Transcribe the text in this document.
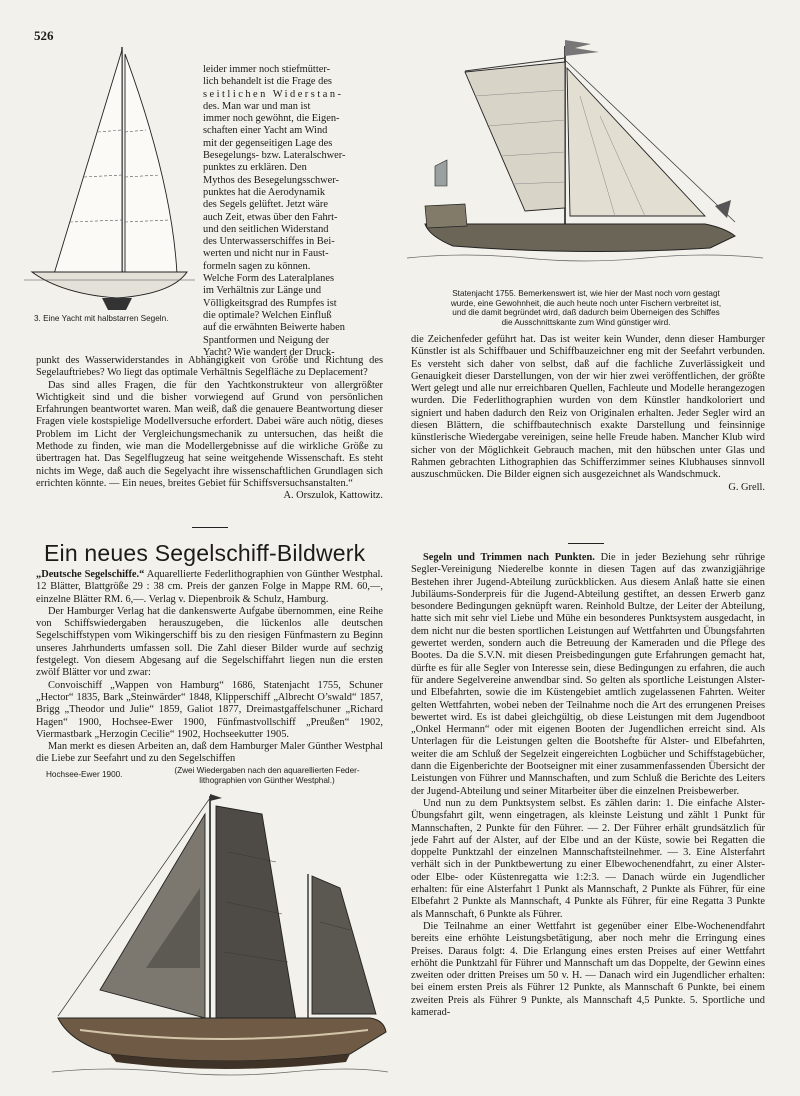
526
3. Eine Yacht mit halbstarren Segeln.
Statenjacht 1755. Bemerkenswert ist, wie hier der Mast noch vorn gestagt
wurde, eine Gewohnheit, die auch heute noch unter Fischern verbreitet ist,
und die damit begründet wird, daß dadurch beim Überneigen des Schiffes
die Ausschnittskante zum Wind günstiger wird.
leider immer noch stiefmütter-
lich behandelt ist die Frage des
seitlichen Widerstan-
des. Man war und man ist
immer noch gewöhnt, die Eigen-
schaften einer Yacht am Wind
mit der gegenseitigen Lage des
Besegelungs- bzw. Lateralschwer-
punktes zu erklären. Den
Mythos des Besegelungsschwer-
punktes hat die Aerodynamik
des Segels gelüftet. Jetzt wäre
auch Zeit, etwas über den Fahrt-
und den seitlichen Widerstand
des Unterwasserschiffes in Bei-
werten und nicht nur in Faust-
formeln sagen zu können.
Welche Form des Lateralplanes
im Verhältnis zur Länge und
Völligkeitsgrad des Rumpfes ist
die optimale? Welchen Einfluß
auf die erwähnten Beiwerte haben
Spantformen und Neigung der
Yacht? Wie wandert der Druck-

punkt des Wasserwiderstandes in Abhängigkeit von Größe und Richtung des Segelauftriebes? Wo liegt das optimale Verhältnis Segelfläche zu Deplacement?

Das sind alles Fragen, die für den Yachtkonstrukteur von allergrößter Wichtigkeit sind und die bisher vorwiegend auf Grund von persönlichen Erfahrungen beantwortet waren. Man weiß, daß die genauere Beantwortung dieser Fragen viele kostspielige Modellversuche erfordert. Dabei wäre auch nötig, dieses Problem im Licht der Vergleichungsmechanik zu untersuchen, das heißt die Methode zu finden, wie man die Modellergebnisse auf die wirkliche Größe zu übertragen hat. Das Segelflugzeug hat seine weitgehende Wissenschaft. Es steht nichts im Wege, daß auch die Segelyacht ihre wissenschaftlichen Grundlagen sich errichten könnte. — Ein neues, breites Gebiet für Schiffsversuchsanstalten.“

A. Orszulok, Kattowitz.
Ein neues Segelschiff-Bildwerk

„Deutsche Segelschiffe.“ Aquarellierte Federlithographien von Günther Westphal. 12 Blätter, Blattgröße 29 : 38 cm. Preis der ganzen Folge in Mappe RM. 60,—, einzelne Blätter RM. 6,—. Verlag v. Diepenbroik & Schulz, Hamburg.

Der Hamburger Verlag hat die dankenswerte Aufgabe übernommen, eine Reihe von Schiffswiedergaben herauszugeben, die lückenlos alle deutschen Segelschiffstypen vom Wikingerschiff bis zu den riesigen Fünfmastern zu Beginn unseres Jahrhunderts umfassen soll. Die Zahl dieser Bilder wurde auf sechzig festgelegt. Von diesem Abgesang auf die Segelschiffahrt liegen nun die ersten zwölf Blätter vor und zwar:

Convoischiff „Wappen von Hamburg“ 1686, Statenjacht 1755, Schuner „Hector“ 1835, Bark „Steinwärder“ 1848, Klipperschiff „Albrecht O’swald“ 1857, Brigg „Theodor und Julie“ 1859, Galiot 1877, Dreimastgaffelschuner „Richard Hagen“ 1900, Hochsee-Ewer 1900, Fünfmastvollschiff „Preußen“ 1902, Viermastbark „Herzogin Cecilie“ 1902, Hochseekutter 1905.

Man merkt es diesen Arbeiten an, daß dem Hamburger Maler Günther Westphal die Liebe zur Seefahrt und zu den Segelschiffen

Hochsee-Ewer 1900.	(Zwei Wiedergaben nach den aquarellierten Feder-
lithographien von Günther Westphal.)

die Zeichenfeder geführt hat. Das ist weiter kein Wunder, denn dieser Hamburger Künstler ist als Schiffbauer und Schiffbauzeichner eng mit der Seefahrt verbunden. Es versteht sich daher von selbst, daß auf die fachliche Zuverlässigkeit und Genauigkeit dieser Darstellungen, von der wir hier zwei veröffentlichen, der größte Wert gelegt und alle nur erreichbaren Quellen, Fachleute und Modelle herangezogen wurden. Die Federlithographien wurden von dem Künstler handkoloriert und signiert und haben dadurch den Reiz von Originalen erhalten. Jeder Segler wird an diesen Blättern, die schiffbautechnisch exakte Darstellung und feinsinnige künstlerische Wiedergabe vereinigen, seine helle Freude haben. Mancher Klub wird sicher von der Möglichkeit Gebrauch machen, mit den hübschen unter Glas und Rahmen gebrachten Lithographien das Schifferzimmer seines Klubhauses sinnvoll auszuschmücken. Die Bilder eignen sich ausgezeichnet als Wandschmuck.

G. Grell.

Segeln und Trimmen nach Punkten. Die in jeder Beziehung sehr rührige Segler-Vereinigung Niederelbe konnte in diesen Tagen auf das zwanzigjährige Bestehen ihrer Jugend-Abteilung zurückblicken. Aus diesem Anlaß hatte sie einen Jubiläums-Sonderpreis für die Jugend-Abteilung gestiftet, an dessen Erwerb ganz besondere Bedingungen geknüpft waren. Reinhold Bultze, der Leiter der Abteilung, hatte sich mit sehr viel Liebe und Mühe ein besonderes Punktsystem ausgedacht, in dem nicht nur die besten sportlichen Leistungen auf Wettfahrten und Übungsfahrten gewertet werden, sondern auch die Betreuung der Kameraden und die Pflege des Bootes. Da die S.V.N. mit diesen Preisbedingungen gute Erfahrungen gemacht hat, dürfte es für alle Segler von Interesse sein, diese Bedingungen zu erfahren, die auch für andere Segelvereine anwendbar sind. So gelten als sportliche Leistungen Alster- und Elbefahrten, sowie die im Küstengebiet amtlich zugelassenen Fahrten. Weiter gelten Wettfahrten, wobei neben der Teilnahme noch die Art des errungenen Preises bewertet wird. Es ist dabei gleichgültig, ob diese Leistungen mit dem Jugendboot „Onkel Hermann“ oder mit eigenen Booten der Jugendlichen erreicht sind. Als Unterlagen für die Leistungen gelten die Bootshefte für Alster- und Elbefahrten, weiter die am Schluß der Segelzeit eingereichten Logbücher und Schiffstagebücher, dann die Eigenberichte der Bootseigner mit einer zusammenfassenden Übersicht der Leistungen von Führer und Mannschaften, und zum Schluß die Berichte des Leiters der Jugend-Abteilung und seiner Mitarbeiter über die einzelnen Preisbewerber.

Und nun zu dem Punktsystem selbst. Es zählen darin: 1. Die einfache Alster-Übungsfahrt gilt, wenn eingetragen, als kleinste Leistung und zählt 1 Punkt für Mannschaften, 2 Punkte für den Führer. — 2. Der Führer erhält grundsätzlich für jede Fahrt auf der Alster, auf der Elbe und an der Küste, sowie bei Regatten die doppelte Punktzahl der einzelnen Mannschaftsteilnehmer. — 3. Eine Alsterfahrt verhält sich in der Punktbewertung zu einer Elbewochenendfahrt, zu einer Alster- oder Elbe- oder Küstenregatta wie 1:2:3. — Danach würde ein Jugendlicher erhalten: für eine Alsterfahrt 1 Punkt als Mannschaft, 2 Punkte als Führer, für eine Elbefahrt 2 Punkte als Mannschaft, 4 Punkte als Führer, für eine Regatta 3 Punkte als Mannschaft, 6 Punkte als Führer.

Die Teilnahme an einer Wettfahrt ist gegenüber einer Elbe-Wochenendfahrt bereits eine erhöhte Leistungsbetätigung, aber noch mehr die Erringung eines Preises. Daraus folgt: 4. Die Erlangung eines ersten Preises auf einer Wettfahrt erhöht die Punktzahl für Führer und Mannschaft um das Doppelte, der Gewinn eines zweiten oder dritten Preises um 50 v. H. — Danach wird ein Jugendlicher erhalten: bei einem ersten Preis als Führer 12 Punkte, als Mannschaft 6 Punkte, bei einem zweiten Preis als Führer 9 Punkte, als Mannschaft 4,5 Punkte. 5. Sportliche und kamerad-
